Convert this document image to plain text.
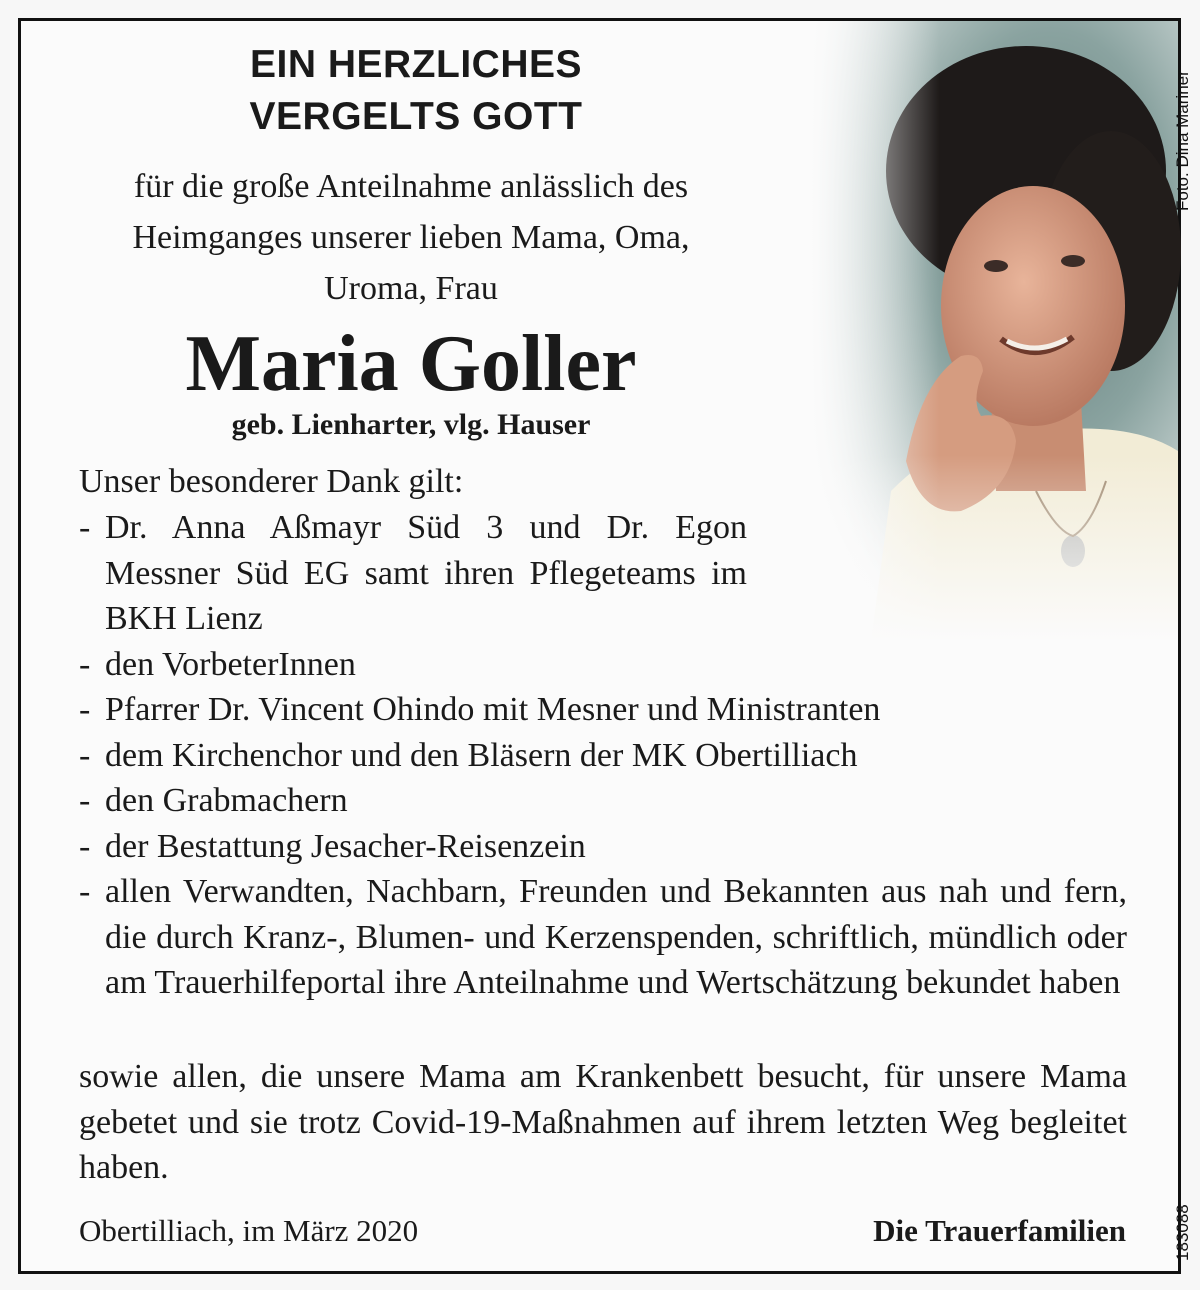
Foto: Dina Mariner
EIN HERZLICHES
VERGELTS GOTT
für die große Anteilnahme anlässlich des
Heimganges unserer lieben Mama, Oma,
Uroma, Frau
Maria Goller
geb. Lienharter, vlg. Hauser
Unser besonderer Dank gilt:
- Dr. Anna Aßmayr Süd 3 und Dr. Egon Messner Süd EG samt ihren Pflegeteams im BKH Lienz
- den VorbeterInnen
- Pfarrer Dr. Vincent Ohindo mit Mesner und Ministranten
- dem Kirchenchor und den Bläsern der MK Obertilliach
- den Grabmachern
- der Bestattung Jesacher-Reisenzein
- allen Verwandten, Nachbarn, Freunden und Bekannten aus nah und fern, die durch Kranz-, Blumen- und Kerzenspenden, schriftlich, mündlich oder am Trauerhilfeportal ihre Anteilnahme und Wertschätzung bekundet haben
sowie allen, die unsere Mama am Krankenbett besucht, für unsere Mama gebetet und sie trotz Covid-19-Maßnahmen auf ihrem letzten Weg begleitet haben.
Obertilliach, im März 2020	Die Trauerfamilien	183088
